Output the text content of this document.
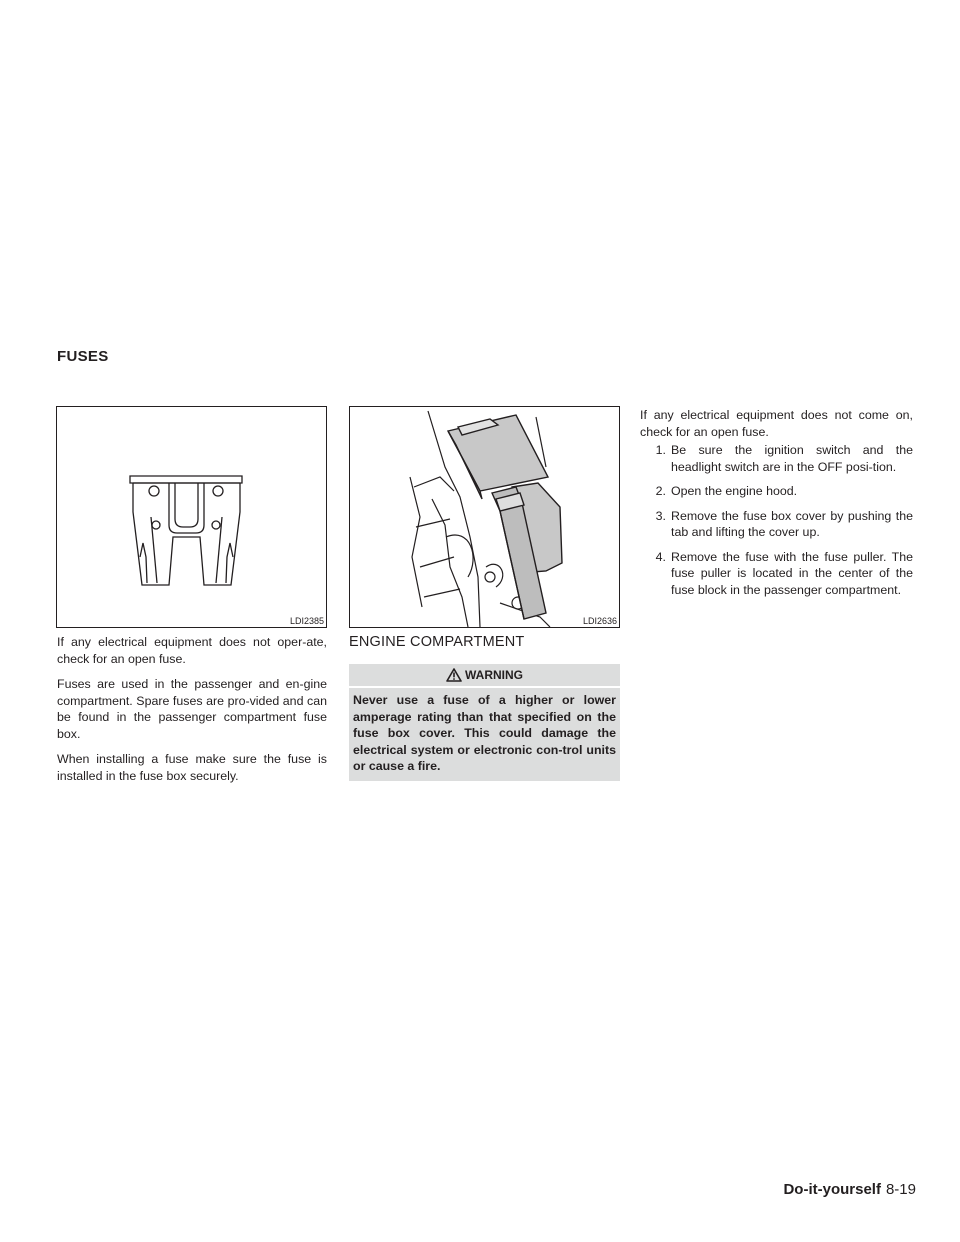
FUSES
LDI2385	LDI2636

If any electrical equipment does not oper-ate, check for an open fuse.

Fuses are used in the passenger and en-gine compartment. Spare fuses are pro-vided and can be found in the passenger compartment fuse box.

When installing a fuse make sure the fuse is installed in the fuse box securely.

ENGINE COMPARTMENT
WARNING
Never use a fuse of a higher or lower amperage rating than that specified on the fuse box cover. This could damage the electrical system or electronic con-trol units or cause a fire.

If any electrical equipment does not come on, check for an open fuse.

1. Be sure the ignition switch and the headlight switch are in the OFF posi-tion.
2. Open the engine hood.
3. Remove the fuse box cover by pushing the tab and lifting the cover up.
4. Remove the fuse with the fuse puller. The fuse puller is located in the center of the fuse block in the passenger compartment.
Do-it-yourself 8-19
